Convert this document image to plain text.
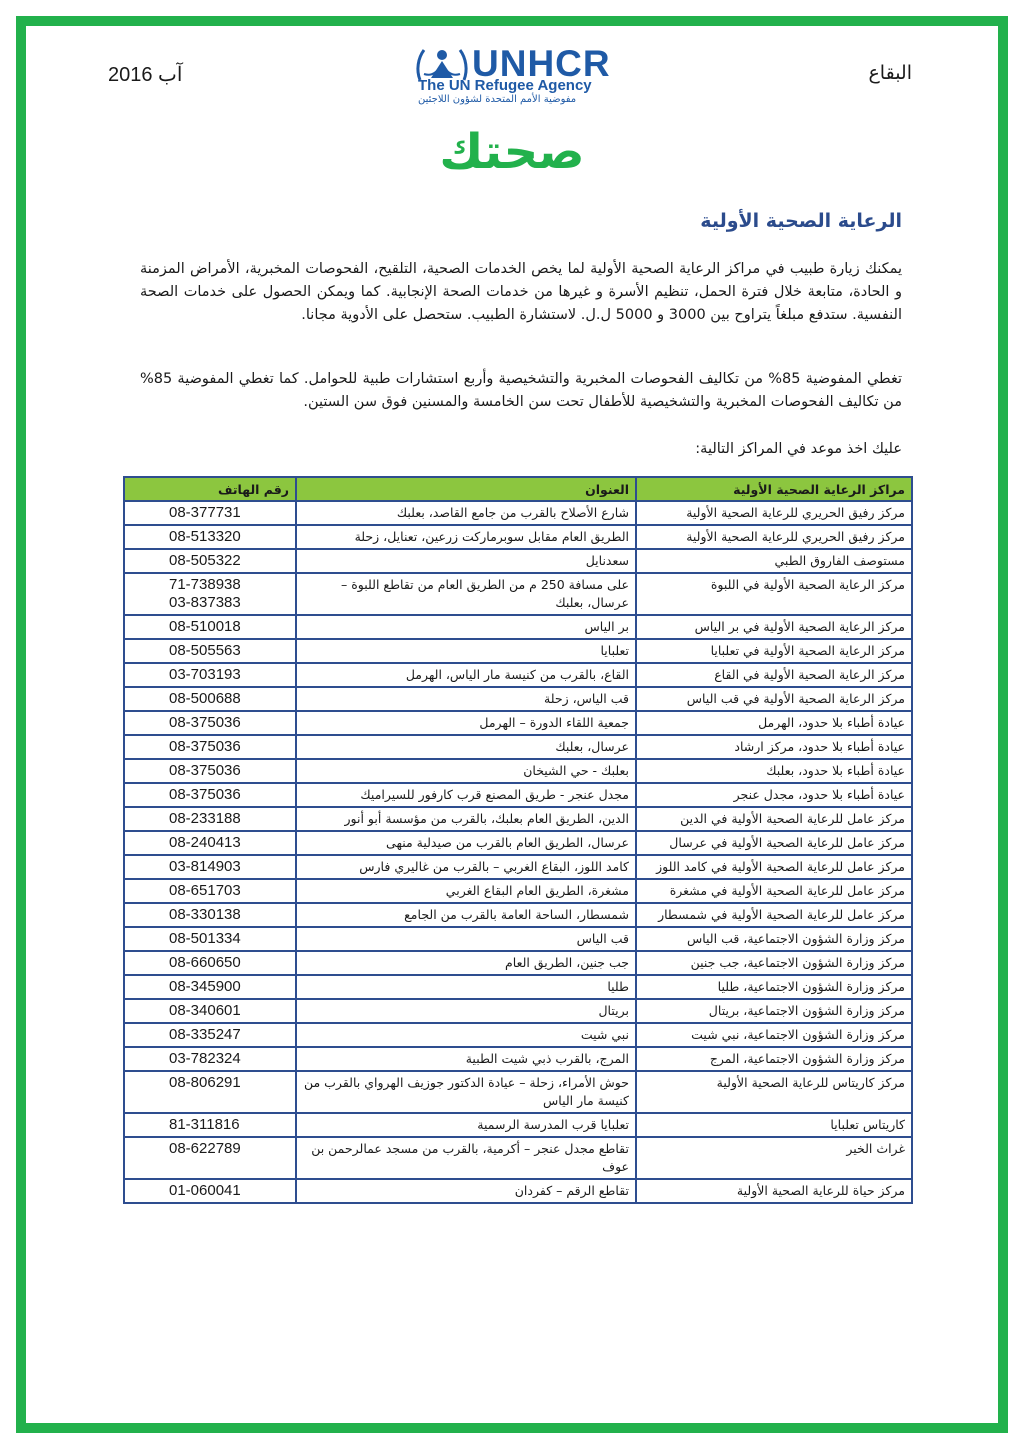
آب 2016	البقاع
UNHCR
The UN Refugee Agency
مفوضية الأمم المتحدة لشؤون اللاجئين
صحتك
الرعاية الصحية الأولية
يمكنك زيارة طبيب في مراكز الرعاية الصحية الأولية لما يخص الخدمات الصحية، التلقيح، الفحوصات المخبرية، الأمراض المزمنة و الحادة، متابعة خلال فترة الحمل، تنظيم الأسرة و غيرها من خدمات الصحة الإنجابية. كما ويمكن الحصول على خدمات الصحة النفسية. ستدفع مبلغاً يتراوح بين 3000 و 5000 ل.ل. لاستشارة الطبيب. ستحصل على الأدوية مجانا.
تغطي المفوضية 85% من تكاليف الفحوصات المخبرية والتشخيصية وأربع استشارات طبية للحوامل. كما تغطي المفوضية 85% من تكاليف الفحوصات المخبرية والتشخيصية للأطفال تحت سن الخامسة والمسنين فوق سن الستين.
عليك اخذ موعد في المراكز التالية:
مراكز الرعاية الصحية الأولية	العنوان	رقم الهاتف
مركز رفيق الحريري للرعاية الصحية الأولية	شارع الأصلاح بالقرب من جامع القاصد، بعلبك	08-377731

مركز رفيق الحريري للرعاية الصحية الأولية	الطريق العام مقابل سوبرماركت زرعين، تعنايل، زحلة	08-513320

مستوصف الفاروق الطبي	سعدنايل	08-505322

مركز الرعاية الصحية الأولية في اللبوة	على مسافة 250 م من الطريق العام من تقاطع اللبوة – عرسال، بعلبك	71-738938
03-837383

مركز الرعاية الصحية الأولية في بر الياس	بر الياس	08-510018

مركز الرعاية الصحية الأولية في تعلبايا	تعلبايا	08-505563

مركز الرعاية الصحية الأولية في القاع	القاع، بالقرب من كنيسة مار الياس، الهرمل	03-703193

مركز الرعاية الصحية الأولية في قب الياس	قب الياس، زحلة	08-500688

عيادة أطباء بلا حدود، الهرمل	جمعية اللقاء الدورة – الهرمل	08-375036

عيادة أطباء بلا حدود، مركز ارشاد	عرسال، بعلبك	08-375036

عيادة أطباء بلا حدود، بعلبك	بعلبك - حي الشيخان	08-375036

عيادة أطباء بلا حدود، مجدل عنجر	مجدل عنجر - طريق المصنع قرب كارفور للسيراميك	08-375036

مركز عامل للرعاية الصحية الأولية في الدين	الدين، الطريق العام بعلبك، بالقرب من مؤسسة أبو أنور	08-233188

مركز عامل للرعاية الصحية الأولية في عرسال	عرسال، الطريق العام بالقرب من صيدلية منهى	08-240413

مركز عامل للرعاية الصحية الأولية في كامد اللوز	كامد اللوز، البقاع الغربي – بالقرب من غاليري فارس	03-814903

مركز عامل للرعاية الصحية الأولية في مشغرة	مشغرة، الطريق العام البقاع الغربي	08-651703

مركز عامل للرعاية الصحية الأولية في شمسطار	شمسطار، الساحة العامة بالقرب من الجامع	08-330138

مركز وزارة الشؤون الاجتماعية، قب الياس	قب الياس	08-501334

مركز وزارة الشؤون الاجتماعية، جب جنين	جب جنين، الطريق العام	08-660650

مركز وزارة الشؤون الاجتماعية، طليا	طليا	08-345900

مركز وزارة الشؤون الاجتماعية، بريتال	بريتال	08-340601

مركز وزارة الشؤون الاجتماعية، نبي شيت	نبي شيت	08-335247

مركز وزارة الشؤون الاجتماعية، المرج	المرج، بالقرب ذبي شيت الطبية	03-782324

مركز كاريتاس للرعاية الصحية الأولية	حوش الأمراء، زحلة – عيادة الدكتور جوزيف الهرواي بالقرب من كنيسة مار الياس	08-806291

كاريتاس تعلبايا	تعلبايا قرب المدرسة الرسمية	81-311816

غراث الخير	تقاطع مجدل عنجر – أكرمية، بالقرب من مسجد عمالرحمن بن عوف	08-622789

مركز حياة للرعاية الصحية الأولية	تقاطع الرقم – كفردان	01-060041
